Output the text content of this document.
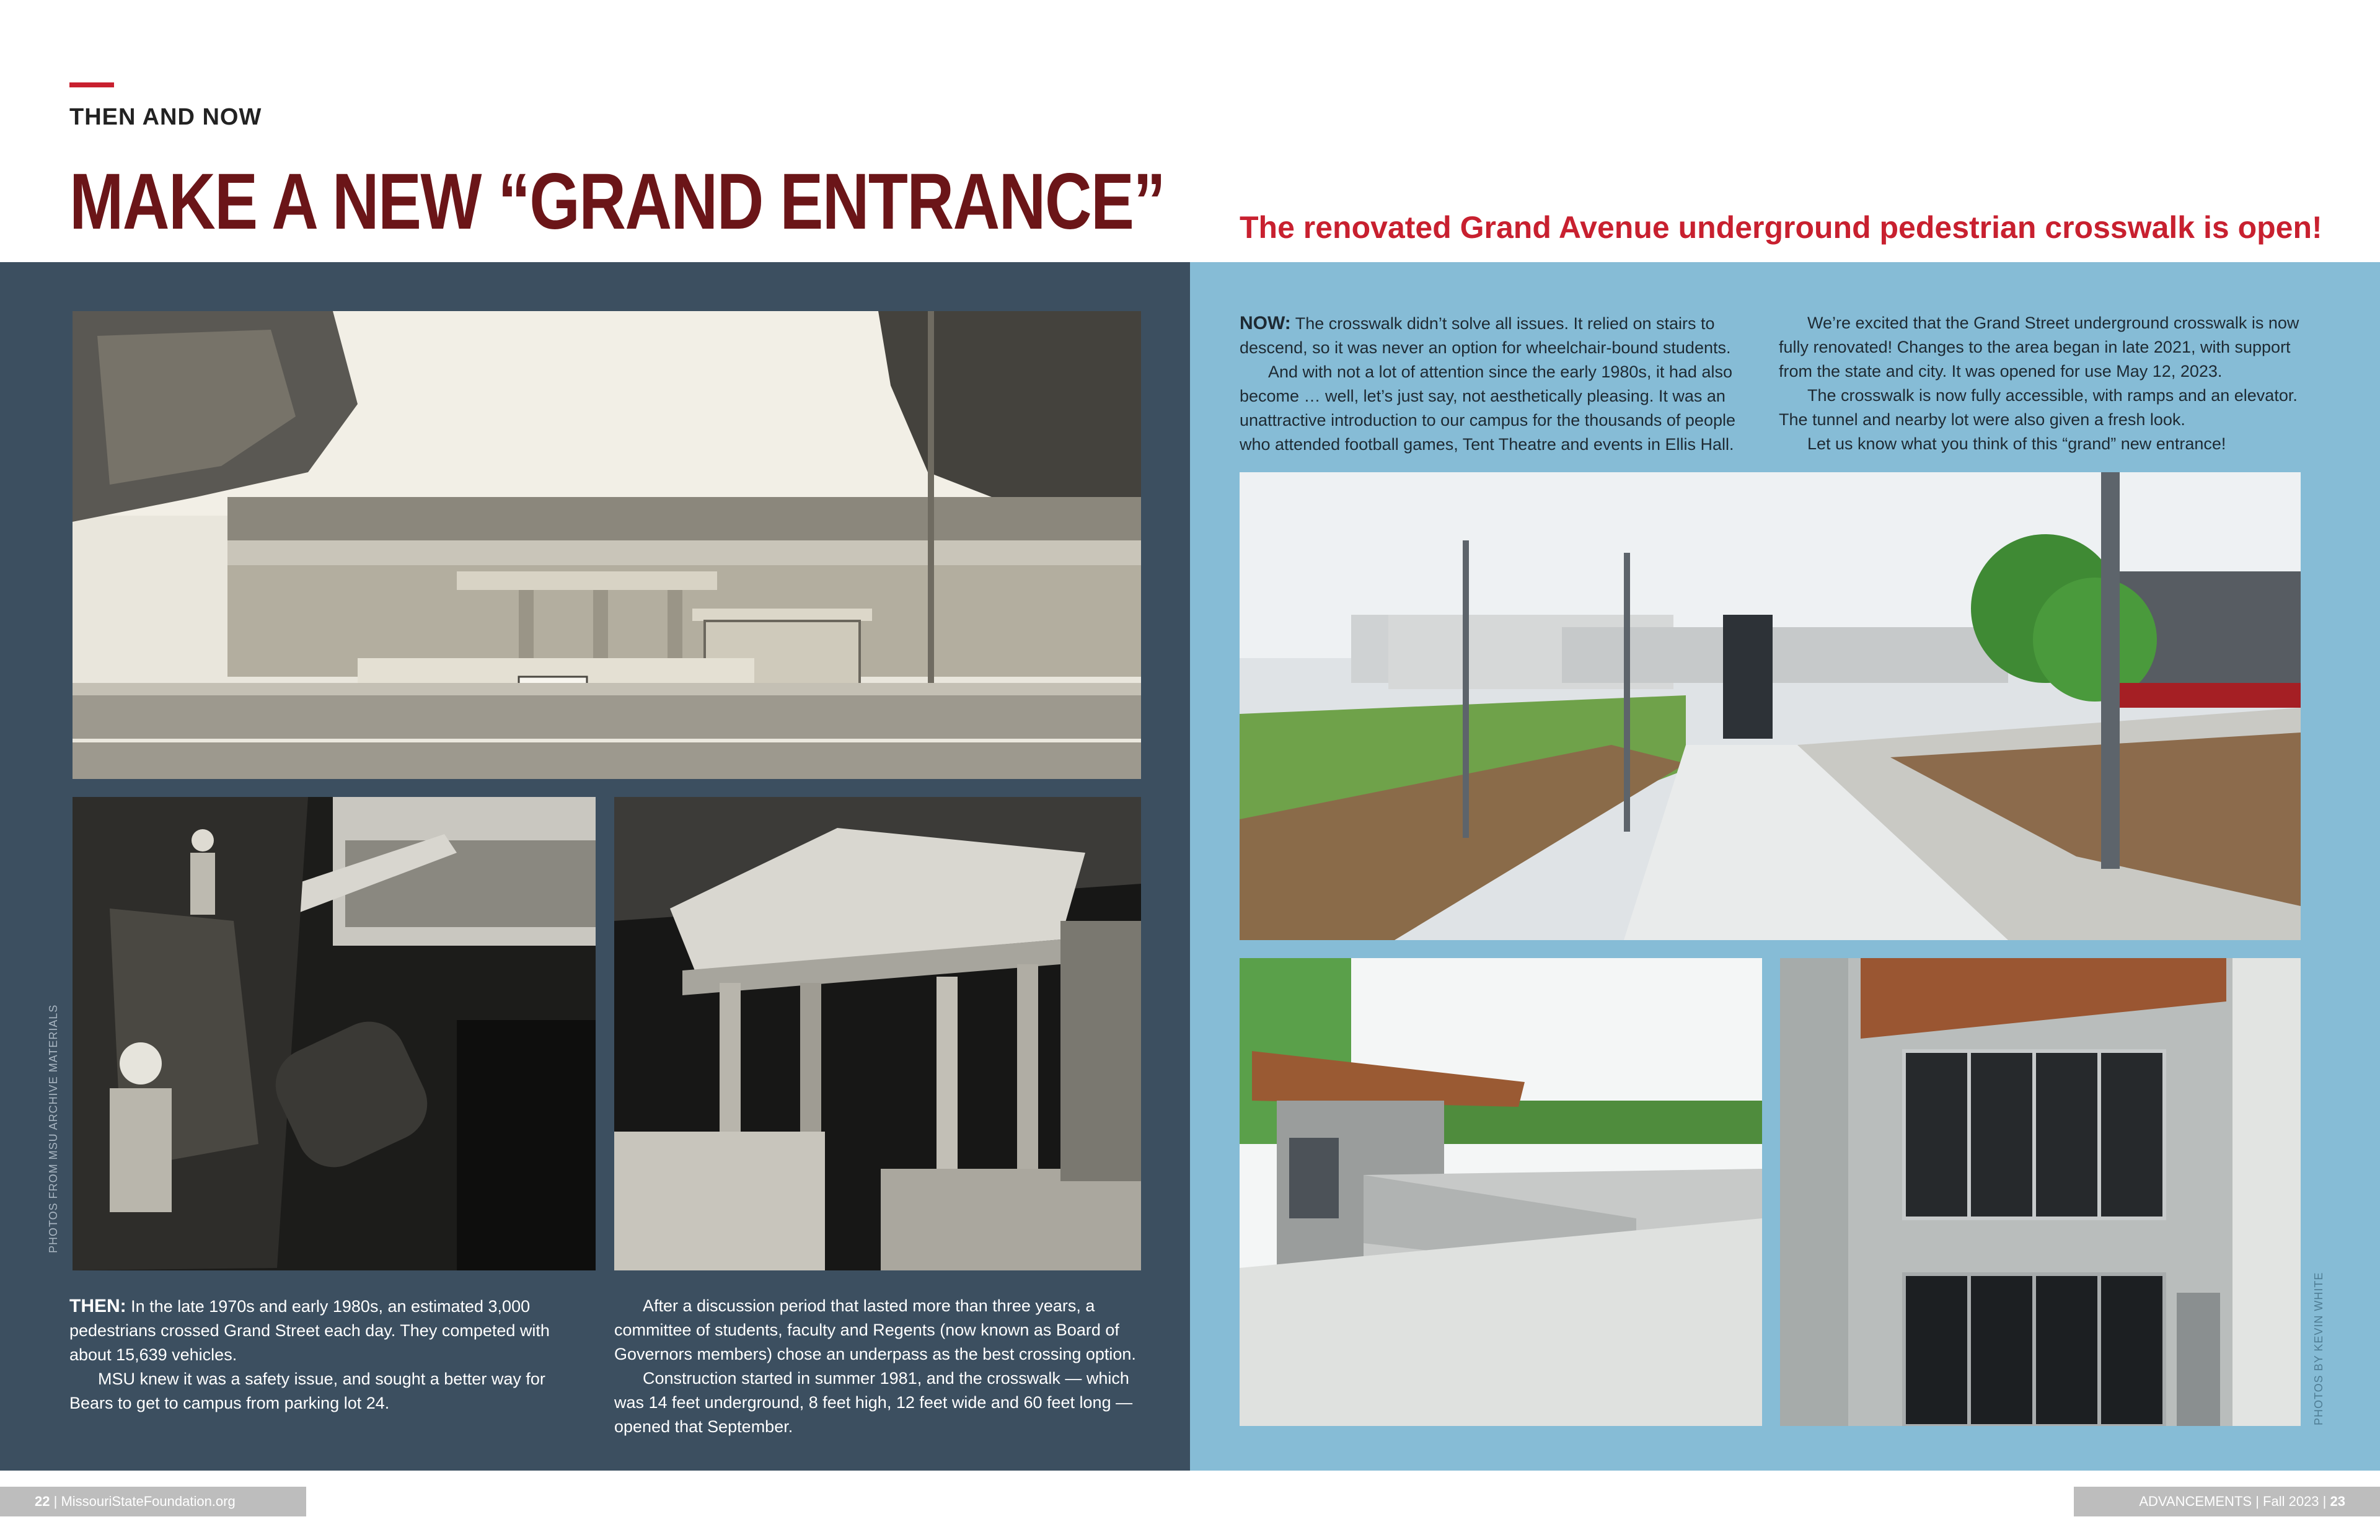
THEN AND NOW
MAKE A NEW “GRAND ENTRANCE” The renovated Grand Avenue underground pedestrian crosswalk is open!
PHOTOS FROM MSU ARCHIVE MATERIALS

THEN: In the late 1970s and early 1980s, an estimated 3,000 pedestrians crossed Grand Street each day. They competed with about 15,639 vehicles.

MSU knew it was a safety issue, and sought a better way for Bears to get to campus from parking lot 24.

After a discussion period that lasted more than three years, a committee of students, faculty and Regents (now known as Board of Governors members) chose an underpass as the best crossing option.

Construction started in summer 1981, and the crosswalk — which was 14 feet underground, 8 feet high, 12 feet wide and 60 feet long — opened that September.

NOW: The crosswalk didn’t solve all issues. It relied on stairs to descend, so it was never an option for wheelchair-bound students.

And with not a lot of attention since the early 1980s, it had also become … well, let’s just say, not aesthetically pleasing. It was an unattractive introduction to our campus for the thousands of people who attended football games, Tent Theatre and events in Ellis Hall.

We’re excited that the Grand Street underground crosswalk is now fully renovated! Changes to the area began in late 2021, with support from the state and city. It was opened for use May 12, 2023.

The crosswalk is now fully accessible, with ramps and an elevator. The tunnel and nearby lot were also given a fresh look.

Let us know what you think of this “grand” new entrance!

PHOTOS BY KEVIN WHITE
22 | MissouriStateFoundation.org	ADVANCEMENTS | Fall 2023 | 23
